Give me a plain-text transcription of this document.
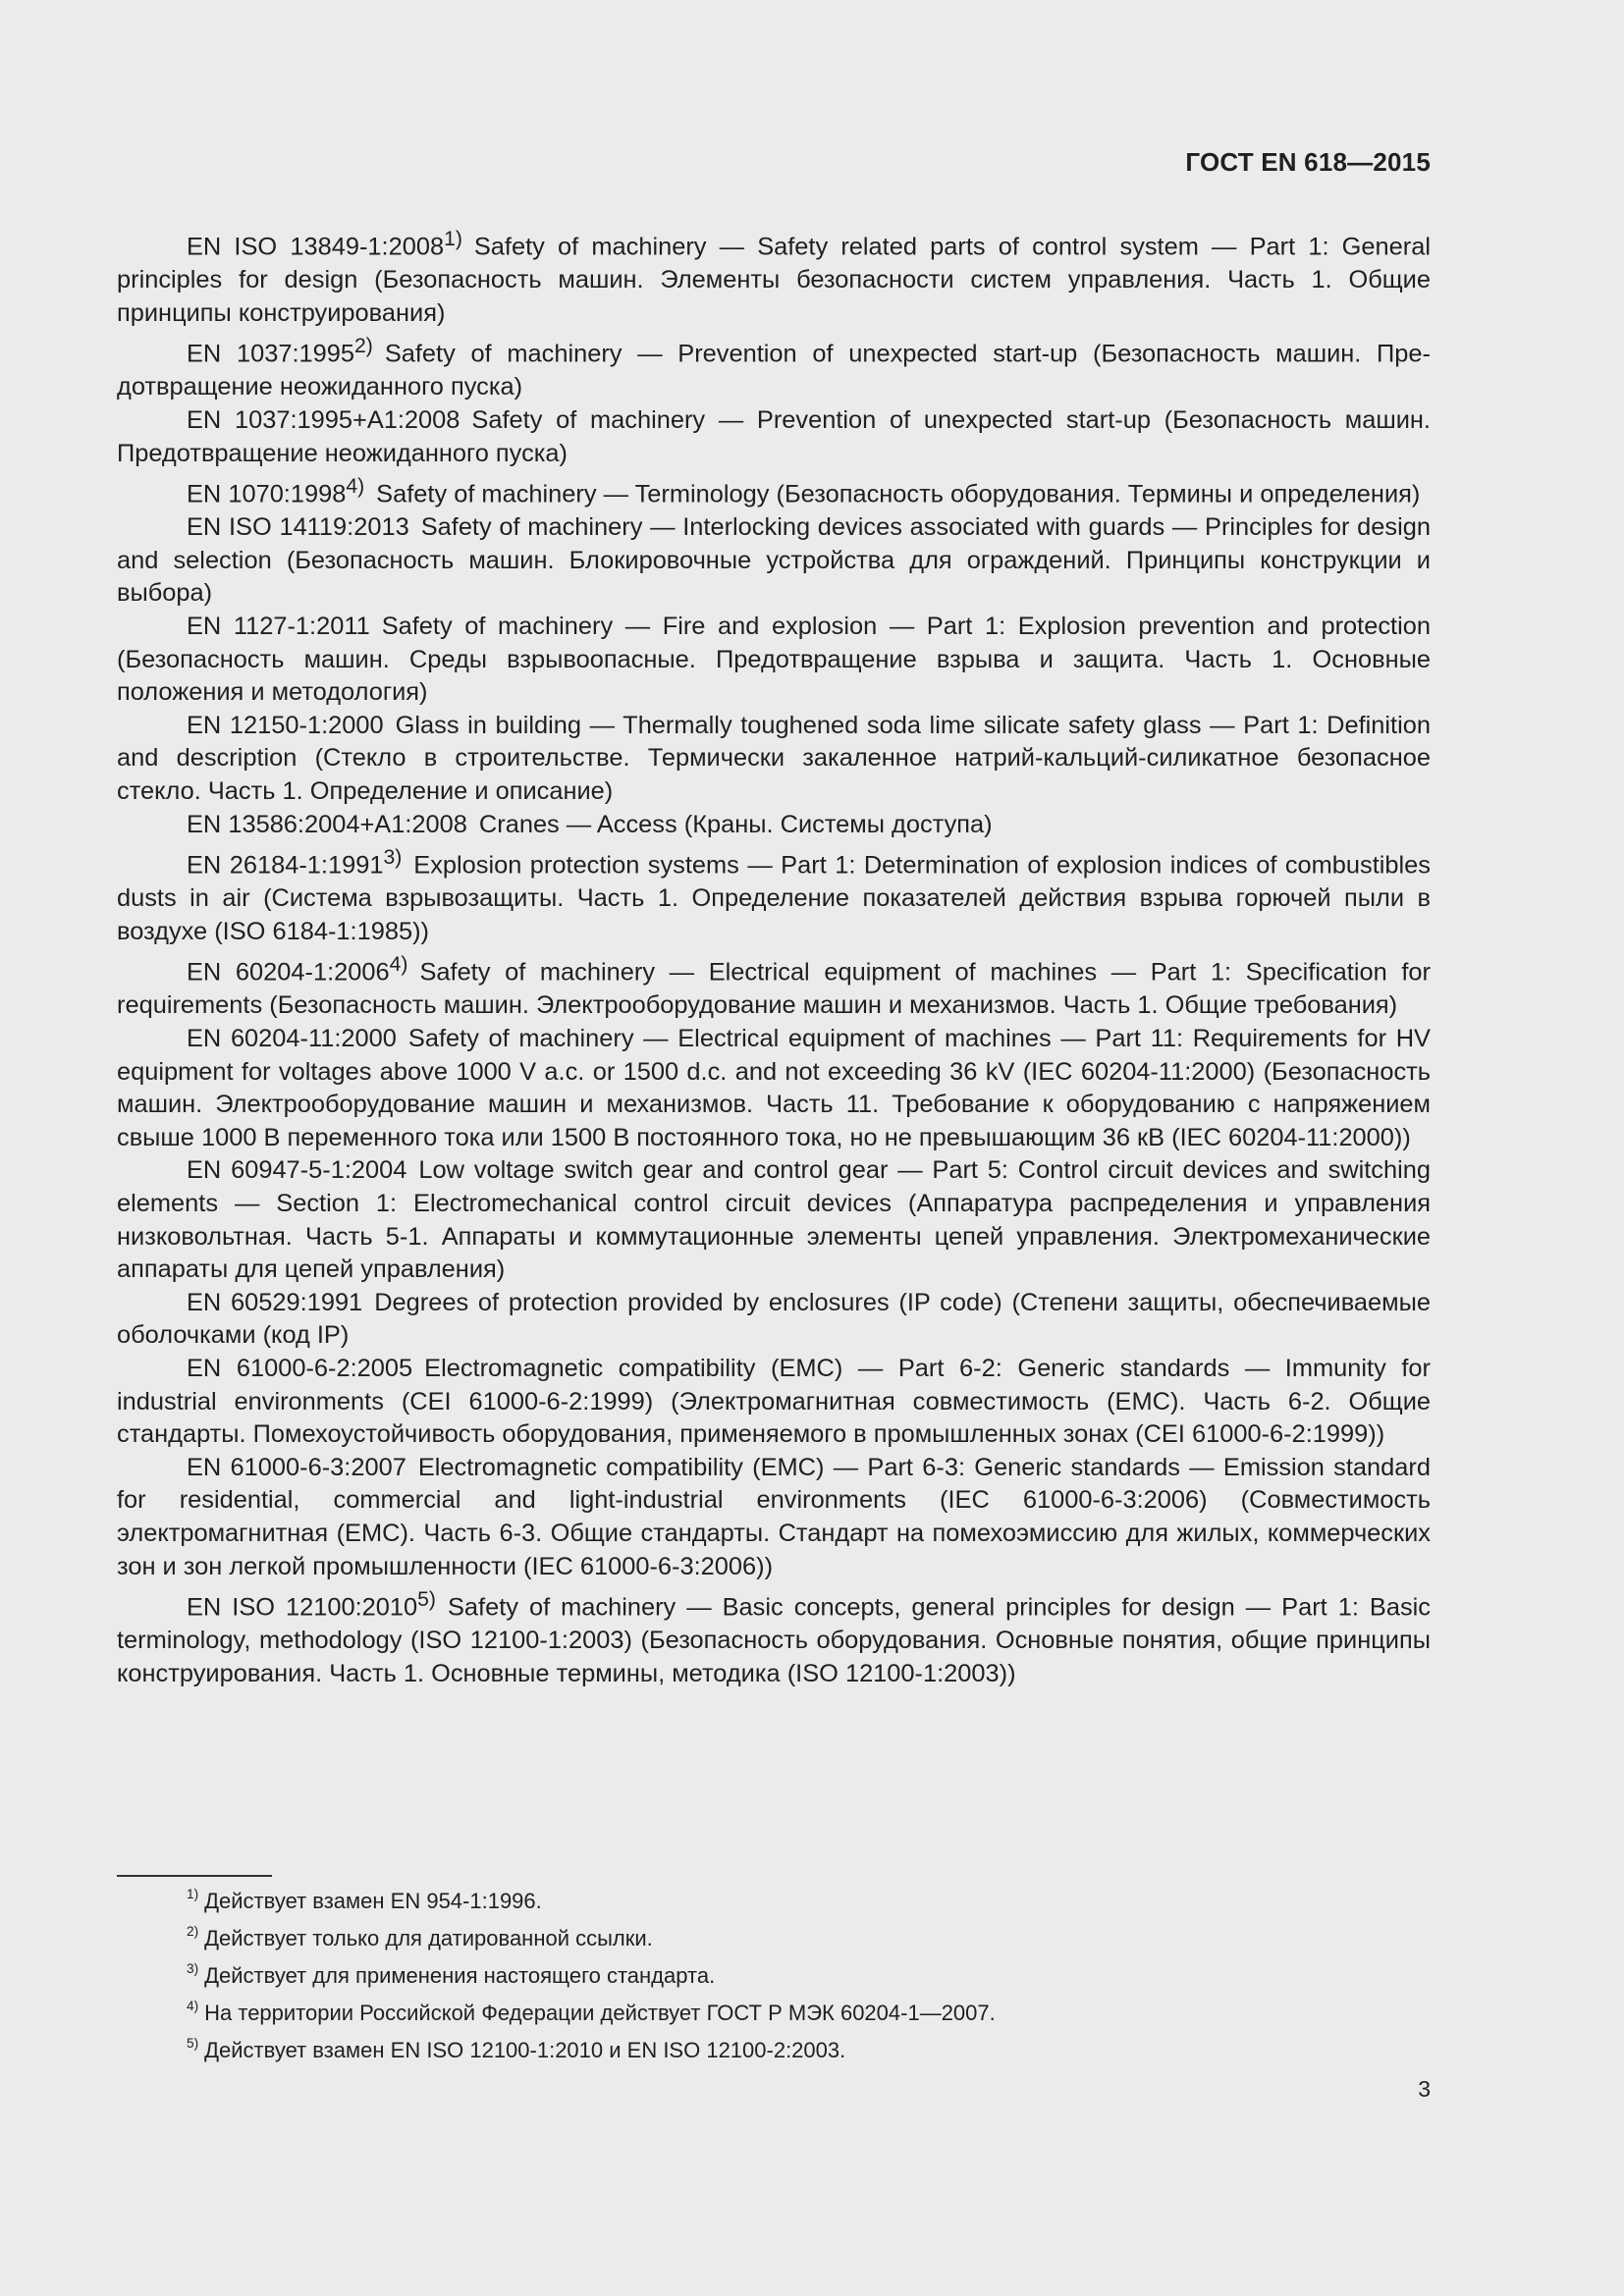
ГОСТ EN 618—2015

EN ISO 13849-1:2008$^{1)}$ Safety of machinery — Safety related parts of control system — Part 1: General principles for design (Безопасность машин. Элементы безопасности систем управления. Часть 1. Общие принципы конструирования)

EN 1037:1995$^{2)}$ Safety of machinery — Prevention of unexpected start-up (Безопасность машин. Предотвращение неожиданного пуска)

EN 1037:1995+A1:2008 Safety of machinery — Prevention of unexpected start-up (Безопасность машин. Предотвращение неожиданного пуска)

EN 1070:1998$^{4)}$ Safety of machinery — Terminology (Безопасность оборудования. Термины и определения)

EN ISO 14119:2013 Safety of machinery — Interlocking devices associated with guards — Principles for design and selection (Безопасность машин. Блокировочные устройства для ограждений. Принципы конструкции и выбора)

EN 1127-1:2011 Safety of machinery — Fire and explosion — Part 1: Explosion prevention and protection (Безопасность машин. Среды взрывоопасные. Предотвращение взрыва и защита. Часть 1. Основные положения и методология)

EN 12150-1:2000 Glass in building — Thermally toughened soda lime silicate safety glass — Part 1: Definition and description (Стекло в строительстве. Термически закаленное натрий-кальций-силикатное безопасное стекло. Часть 1. Определение и описание)

EN 13586:2004+A1:2008 Cranes — Access (Краны. Системы доступа)

EN 26184-1:1991$^{3)}$ Explosion protection systems — Part 1: Determination of explosion indices of combustibles dusts in air (Система взрывозащиты. Часть 1. Определение показателей действия взрыва горючей пыли в воздухе (ISO 6184-1:1985))

EN 60204-1:2006$^{4)}$ Safety of machinery — Electrical equipment of machines — Part 1: Specification for requirements (Безопасность машин. Электрооборудование машин и механизмов. Часть 1. Общие требования)

EN 60204-11:2000 Safety of machinery — Electrical equipment of machines — Part 11: Requirements for HV equipment for voltages above 1000 V a.c. or 1500 d.c. and not exceeding 36 kV (IEC 60204-11:2000) (Безопасность машин. Электрооборудование машин и механизмов. Часть 11. Требование к оборудованию с напряжением свыше 1000 В переменного тока или 1500 В постоянного тока, но не превышающим 36 кВ (IEC 60204-11:2000))

EN 60947-5-1:2004 Low voltage switch gear and control gear — Part 5: Control circuit devices and switching elements — Section 1: Electromechanical control circuit devices (Аппаратура распределения и управления низковольтная. Часть 5-1. Аппараты и коммутационные элементы цепей управления. Электромеханические аппараты для цепей управления)

EN 60529:1991 Degrees of protection provided by enclosures (IP code) (Степени защиты, обеспечиваемые оболочками (код IP)

EN 61000-6-2:2005 Electromagnetic compatibility (EMC) — Part 6-2: Generic standards — Immunity for industrial environments (CEI 61000-6-2:1999) (Электромагнитная совместимость (EMC). Часть 6-2. Общие стандарты. Помехоустойчивость оборудования, применяемого в промышленных зонах (CEI 61000-6-2:1999))

EN 61000-6-3:2007 Electromagnetic compatibility (EMC) — Part 6-3: Generic standards — Emission standard for residential, commercial and light-industrial environments (IEC 61000-6-3:2006) (Совместимость электромагнитная (EMC). Часть 6-3. Общие стандарты. Стандарт на помехоэмиссию для жилых, коммерческих зон и зон легкой промышленности (IEC 61000-6-3:2006))

EN ISO 12100:2010$^{5)}$ Safety of machinery — Basic concepts, general principles for design — Part 1: Basic terminology, methodology (ISO 12100-1:2003) (Безопасность оборудования. Основные понятия, общие принципы конструирования. Часть 1. Основные термины, методика (ISO 12100-1:2003))

$^{1)}$ Действует взамен EN 954-1:1996.

$^{2)}$ Действует только для датированной ссылки.

$^{3)}$ Действует для применения настоящего стандарта.

$^{4)}$ На территории Российской Федерации действует ГОСТ Р МЭК 60204-1—2007.

$^{5)}$ Действует взамен EN ISO 12100-1:2010 и EN ISO 12100-2:2003.

3
